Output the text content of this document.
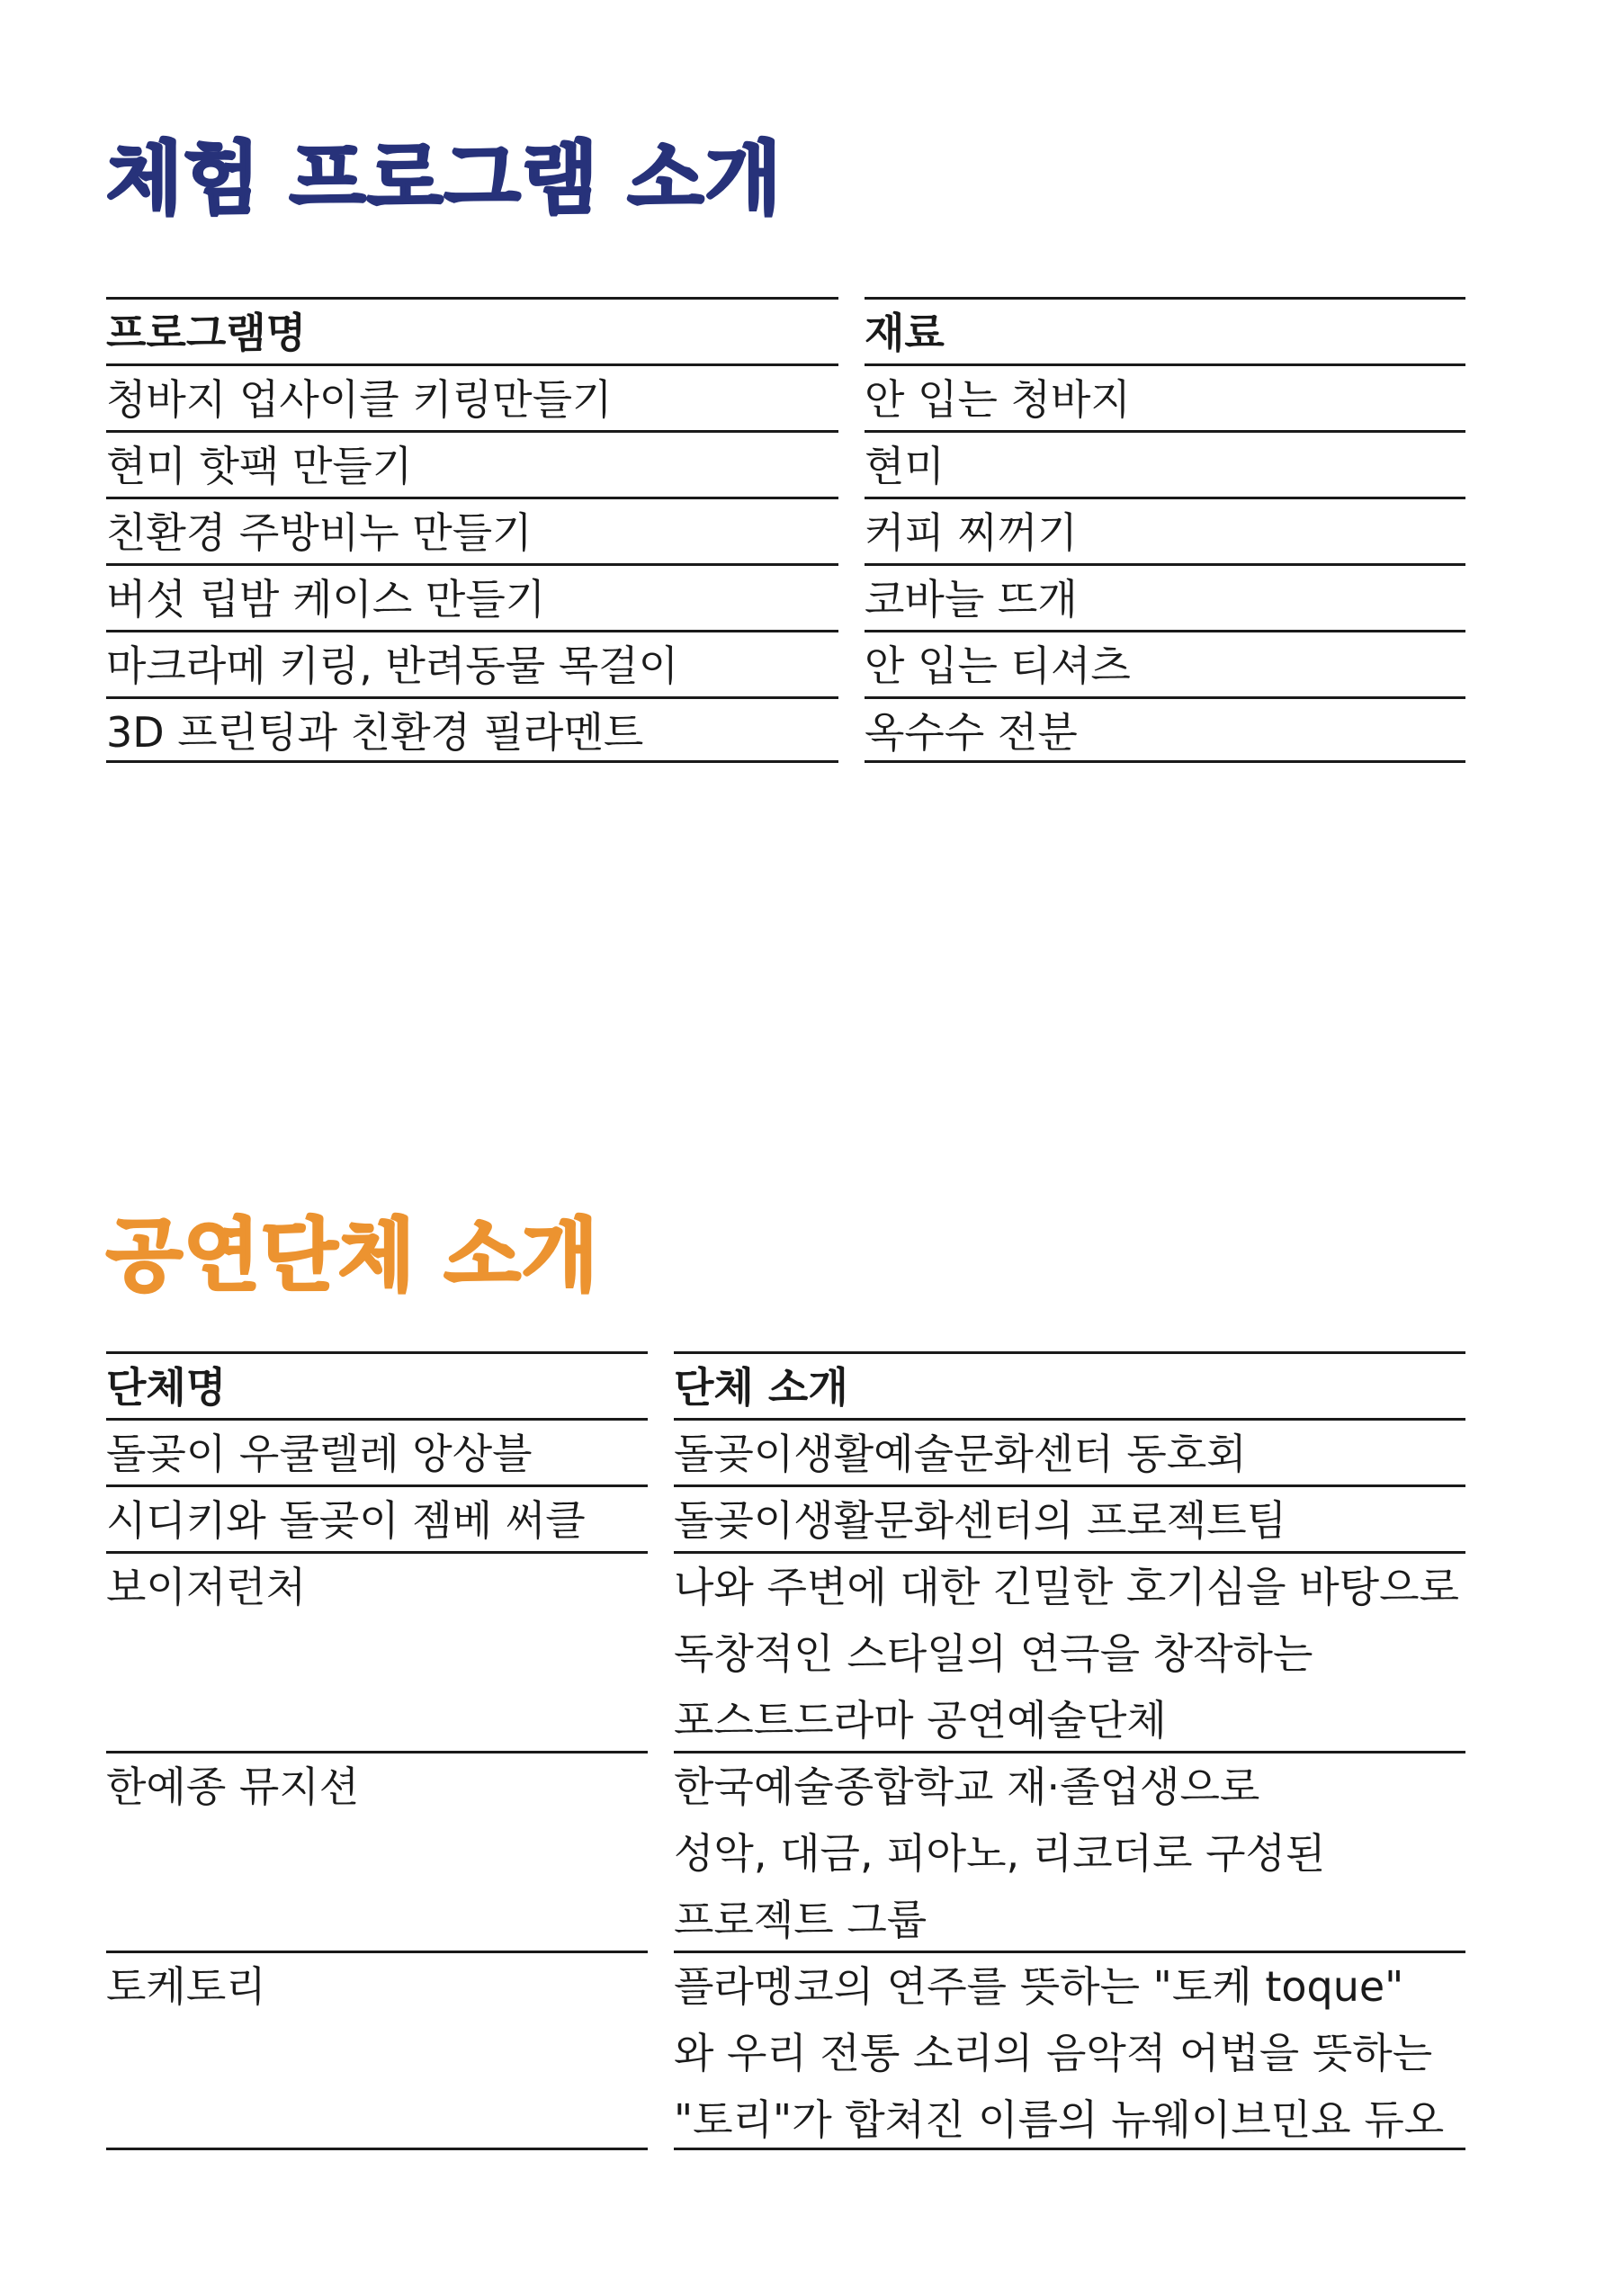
체험 프로그램 소개
프로그램명
청바지 업사이클 키링만들기
현미 핫팩 만들기
친환경 주방비누 만들기
버섯 립밤 케이스 만들기
마크라메 키링, 반려동물 목걸이
3D 프린팅과 친환경 필라멘트
재료
안 입는 청바지
현미
커피 찌꺼기
코바늘 뜨개
안 입는 티셔츠
옥수수 전분
공연단체 소개
단체명
돌곶이 우쿨렐레 앙상블
시디키와 돌곶이 젬베 써클
보이저런처
한예종 뮤지션
토케토리
단체 소개
돌곶이생활예술문화센터 동호회
돌곶이생활문화센터의 프로젝트팀
나와 주변에 대한 긴밀한 호기심을 바탕으로
독창적인 스타일의 연극을 창작하는
포스트드라마 공연예술단체
한국예술종합학교 재·졸업생으로
성악, 대금, 피아노, 리코더로 구성된
프로젝트 그룹
플라멩코의 연주를 뜻하는 "토케 toque"
와 우리 전통 소리의 음악적 어법을 뜻하는
"토리"가 합쳐진 이름의 뉴웨이브민요 듀오
